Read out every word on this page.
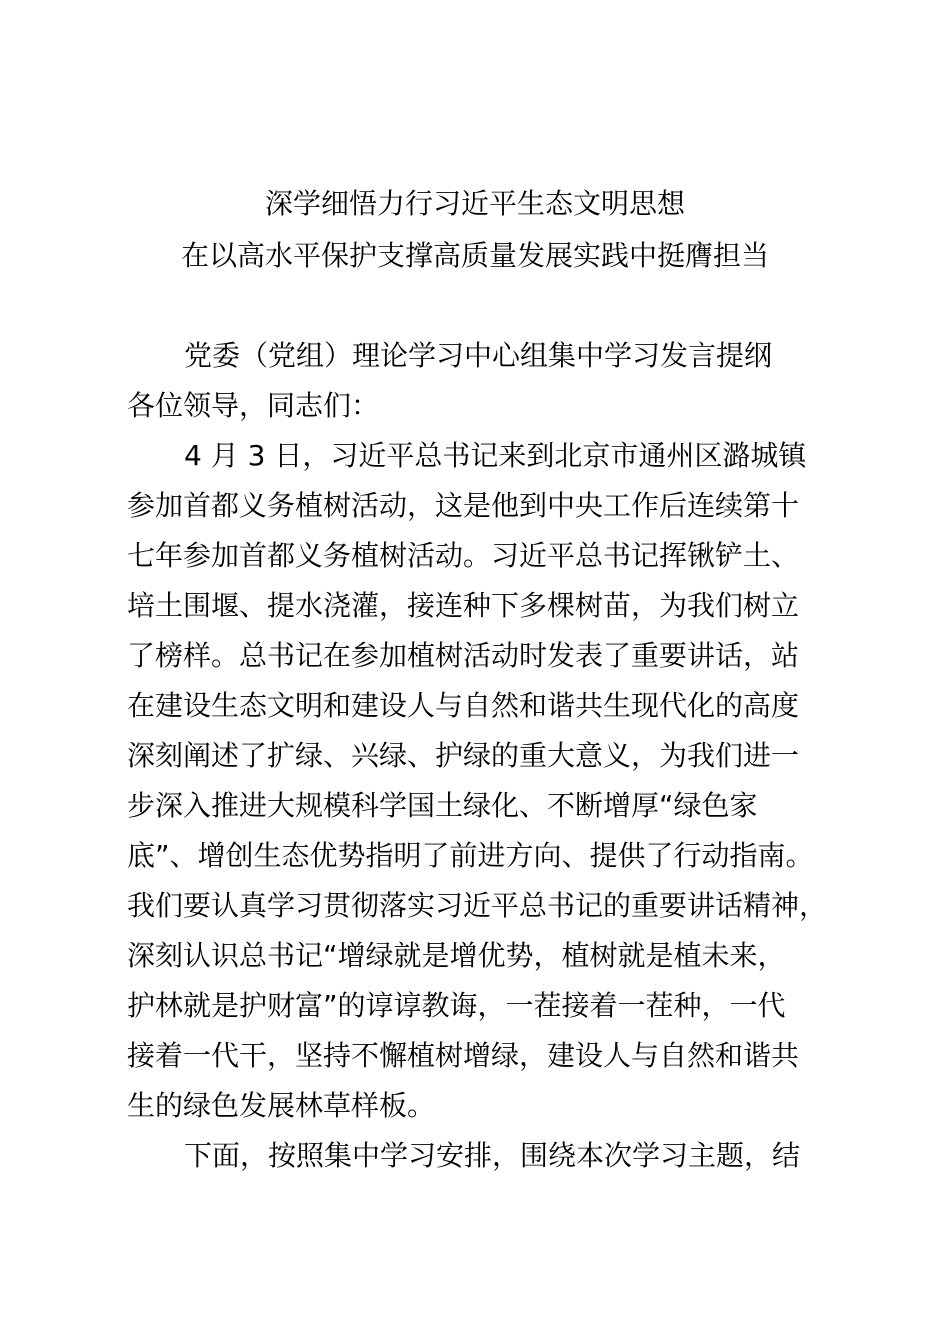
深学细悟力行习近平生态文明思想
在以高水平保护支撑高质量发展实践中挺膺担当
党委（党组）理论学习中心组集中学习发言提纲
各位领导，同志们：
4 月 3 日，习近平总书记来到北京市通州区潞城镇
参加首都义务植树活动，这是他到中央工作后连续第十
七年参加首都义务植树活动。习近平总书记挥锹铲土、
培土围堰、提水浇灌，接连种下多棵树苗，为我们树立
了榜样。总书记在参加植树活动时发表了重要讲话，站
在建设生态文明和建设人与自然和谐共生现代化的高度
深刻阐述了扩绿、兴绿、护绿的重大意义，为我们进一
步深入推进大规模科学国土绿化、不断增厚“绿色家
底”、增创生态优势指明了前进方向、提供了行动指南。
我们要认真学习贯彻落实习近平总书记的重要讲话精神，
深刻认识总书记“增绿就是增优势，植树就是植未来，
护林就是护财富”的谆谆教诲，一茬接着一茬种，一代
接着一代干，坚持不懈植树增绿，建设人与自然和谐共
生的绿色发展林草样板。
下面，按照集中学习安排，围绕本次学习主题，结
